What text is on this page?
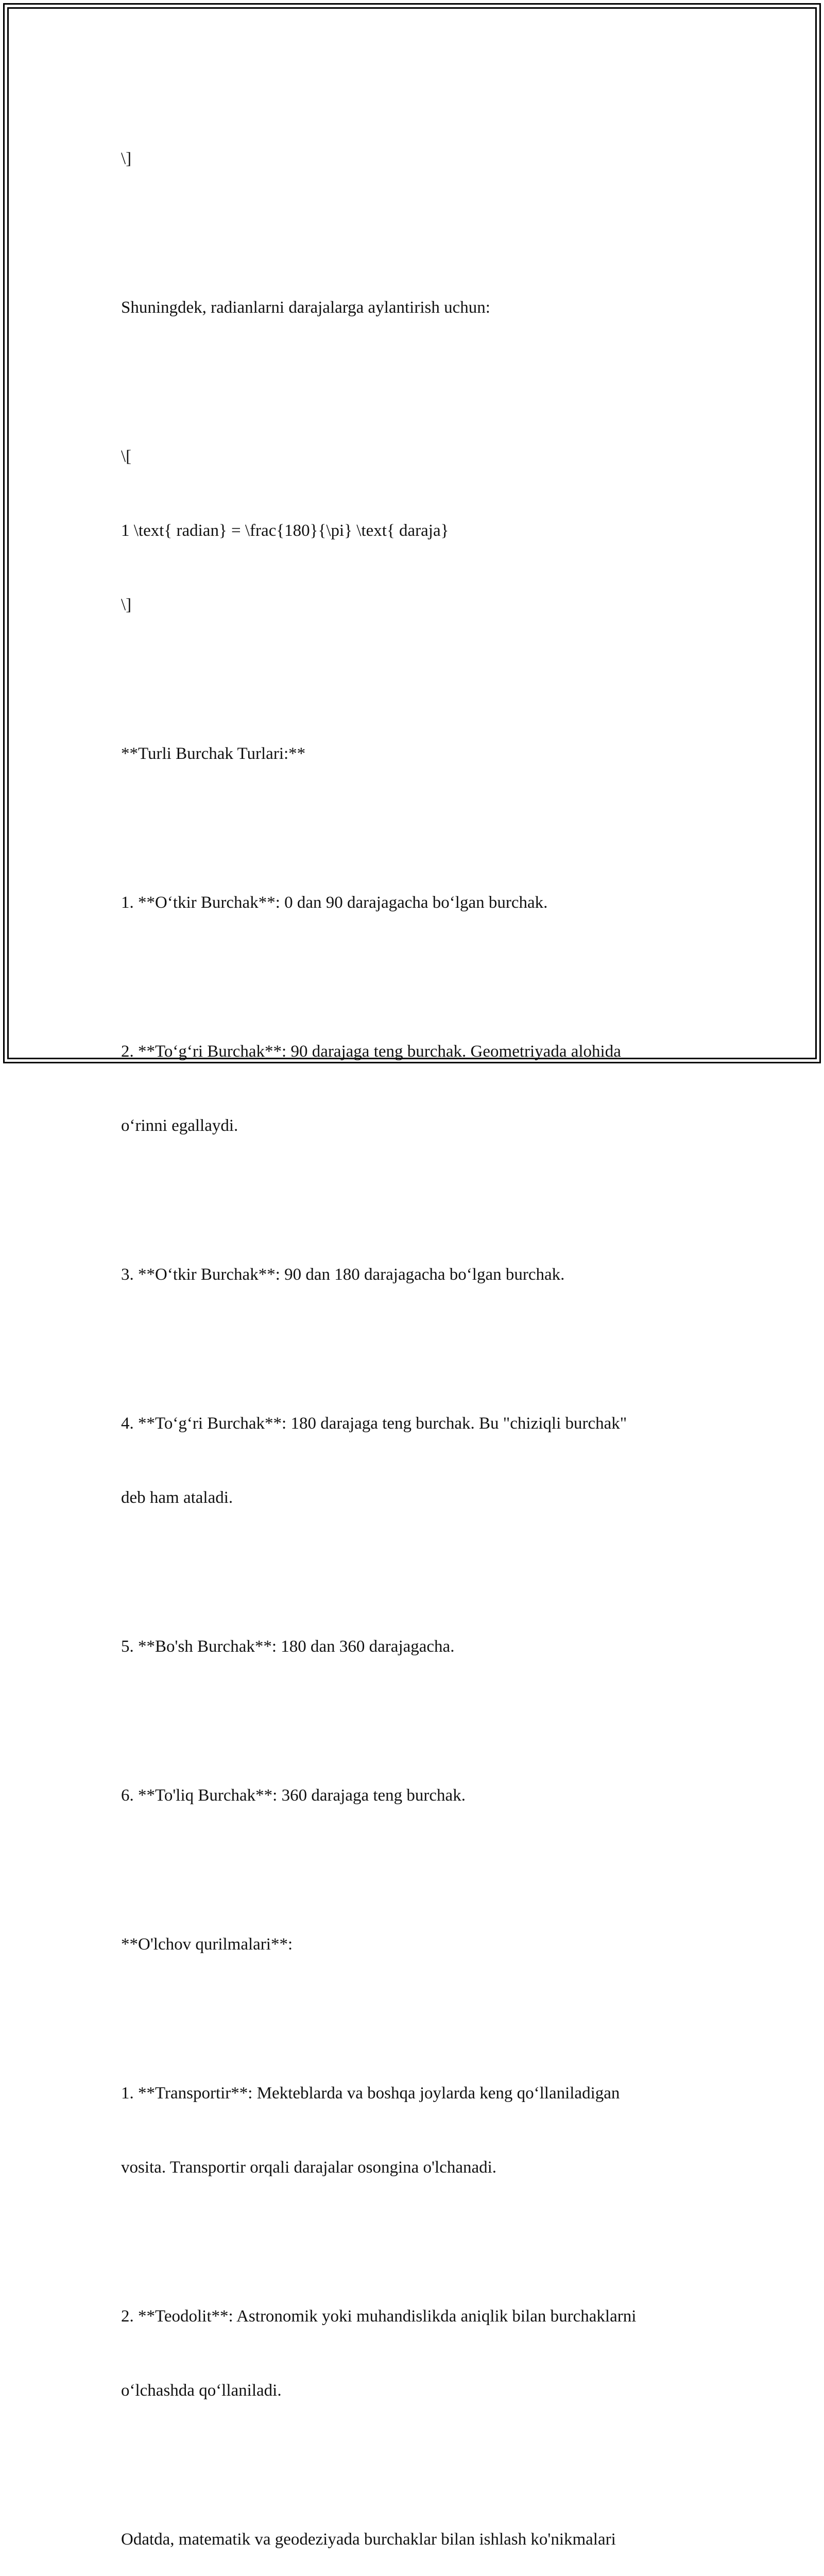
\]

Shuningdek, radianlarni darajalarga aylantirish uchun:

\[

1 \text{ radian} = \frac{180}{\pi} \text{ daraja}

\]

**Turli Burchak Turlari:**

1. **O‘tkir Burchak**: 0 dan 90 darajagacha bo‘lgan burchak.

2. **To‘g‘ri Burchak**: 90 darajaga teng burchak. Geometriyada alohida

o‘rinni egallaydi.

3. **O‘tkir Burchak**: 90 dan 180 darajagacha bo‘lgan burchak.

4. **To‘g‘ri Burchak**: 180 darajaga teng burchak. Bu "chiziqli burchak"

deb ham ataladi.

5. **Bo'sh Burchak**: 180 dan 360 darajagacha.

6. **To'liq Burchak**: 360 darajaga teng burchak.

**O'lchov qurilmalari**:

1. **Transportir**: Mekteblarda va boshqa joylarda keng qo‘llaniladigan

vosita. Transportir orqali darajalar osongina o'lchanadi.

2. **Teodolit**: Astronomik yoki muhandislikda aniqlik bilan burchaklarni

o‘lchashda qo‘llaniladi.

Odatda, matematik va geodeziyada burchaklar bilan ishlash ko'nikmalari
